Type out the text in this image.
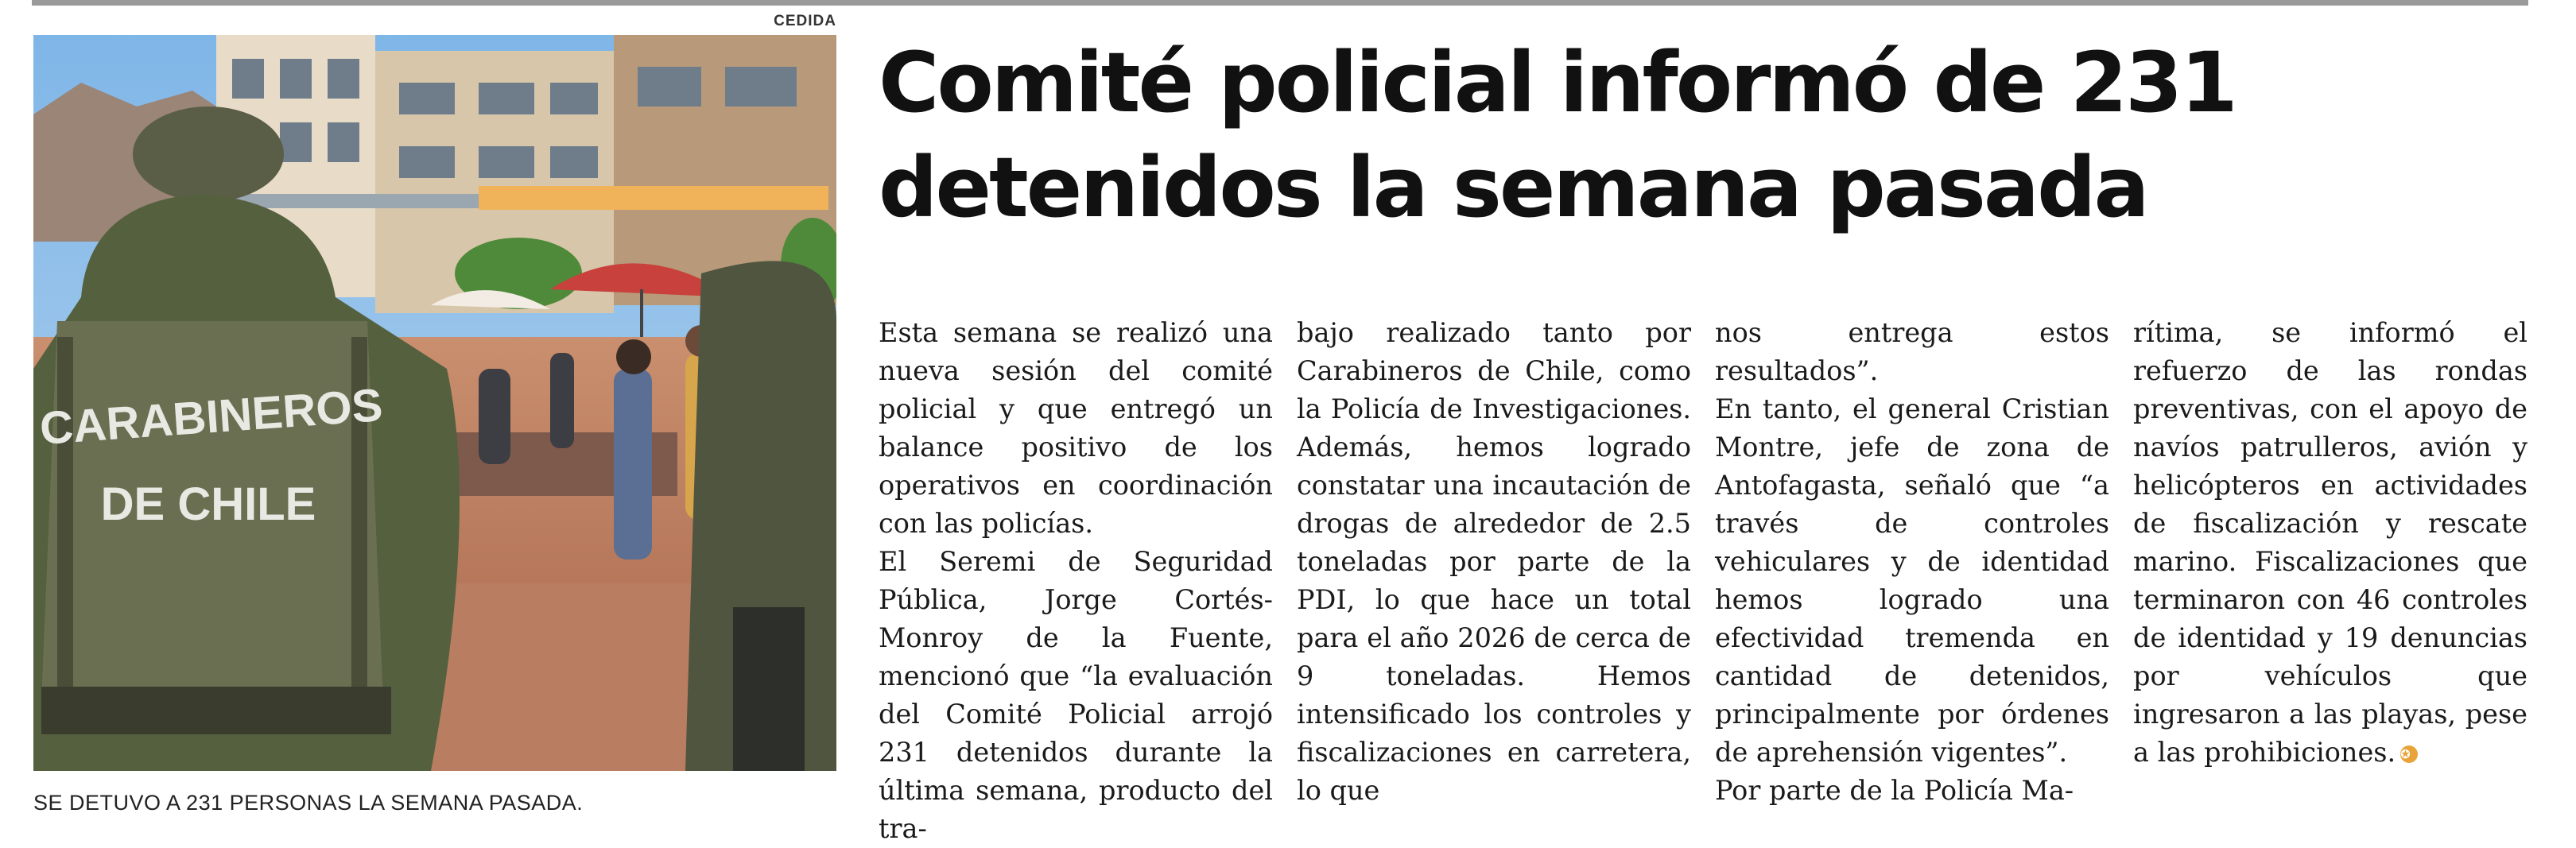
CEDIDA
CARABINEROS
DE CHILE
SE DETUVO A 231 PERSONAS LA SEMANA PASADA.
Comité policial informó de 231
detenidos la semana pasada

Esta semana se realizó una nueva sesión del comité policial y que entregó un balance positivo de los operativos en coordinación con las policías.

El Seremi de Seguridad Pública, Jorge Cortés-Monroy de la Fuente, mencionó que “la evaluación del Comité Policial arrojó 231 detenidos durante la última semana, producto del tra-

bajo realizado tanto por Carabineros de Chile, como la Policía de Investigaciones. Además, hemos logrado constatar una incautación de drogas de alrededor de 2.5 toneladas por parte de la PDI, lo que hace un total para el año 2026 de cerca de 9 toneladas. Hemos intensificado los controles y fiscalizaciones en carretera, lo que

nos entrega estos resultados”.

En tanto, el general Cristian Montre, jefe de zona de Antofagasta, señaló que “a través de controles vehiculares y de identidad hemos logrado una efectividad tremenda en cantidad de detenidos, principalmente por órdenes de aprehensión vigentes”.

Por parte de la Policía Ma-

rítima, se informó el refuerzo de las rondas preventivas, con el apoyo de navíos patrulleros, avión y helicópteros en actividades de fiscalización y rescate marino. Fiscalizaciones que terminaron con 46 controles de identidad y 19 denuncias por vehículos que ingresaron a las playas, pese a las prohibiciones. ✪
